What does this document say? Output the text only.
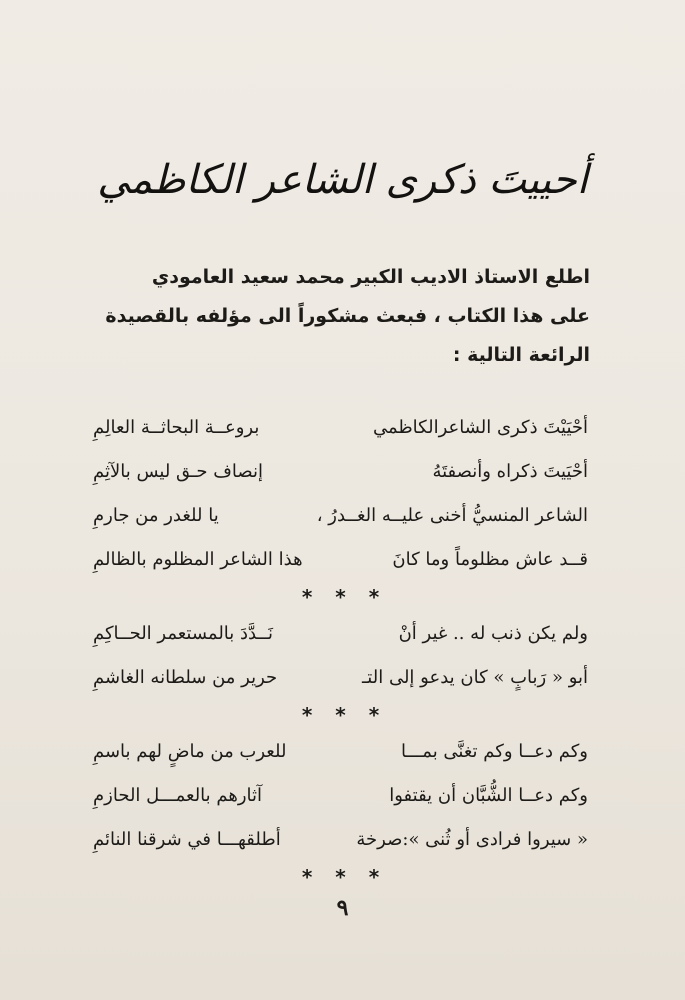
أحييتَ ذكرى الشاعر الكاظمي
اطلع الاستاذ الاديب الكبير محمد سعيد العامودي
على هذا الكتاب ، فبعث مشكوراً الى مؤلفه بالقصيدة
الرائعة التالية :
أحْيَيْتَ ذكرى الشاعرالكاظمي
بروعــة البحاثــة العالِمِ
أحْيَيتَ ذكراه وأنصفتَهُ
إنصاف حـق ليس بالآثِمِ
الشاعر المنسيُّ أخنى عليــه الغــدرُ ،
يا للغدر من جارمِ
قــد عاش مظلوماً وما كانَ
هذا الشاعر المظلوم بالظالمِ
* * *
ولم يكن ذنب له .. غير أنْ
نَــدَّدَ بالمستعمر الحــاكِمِ
أبو « رَبابٍ » كان يدعو إلى التـ
حرير من سلطانه الغاشمِ
* * *
وكم دعــا وكم تغنَّى بمـــا
للعرب من ماضٍ لهم باسمِ
وكم دعــا الشُّبَّان أن يقتفوا
آثارهم بالعمـــل الحازمِ
« سيروا فرادى أو ثُنى »:صرخة
أطلقهـــا في شرقنا النائمِ
* * *
٩
